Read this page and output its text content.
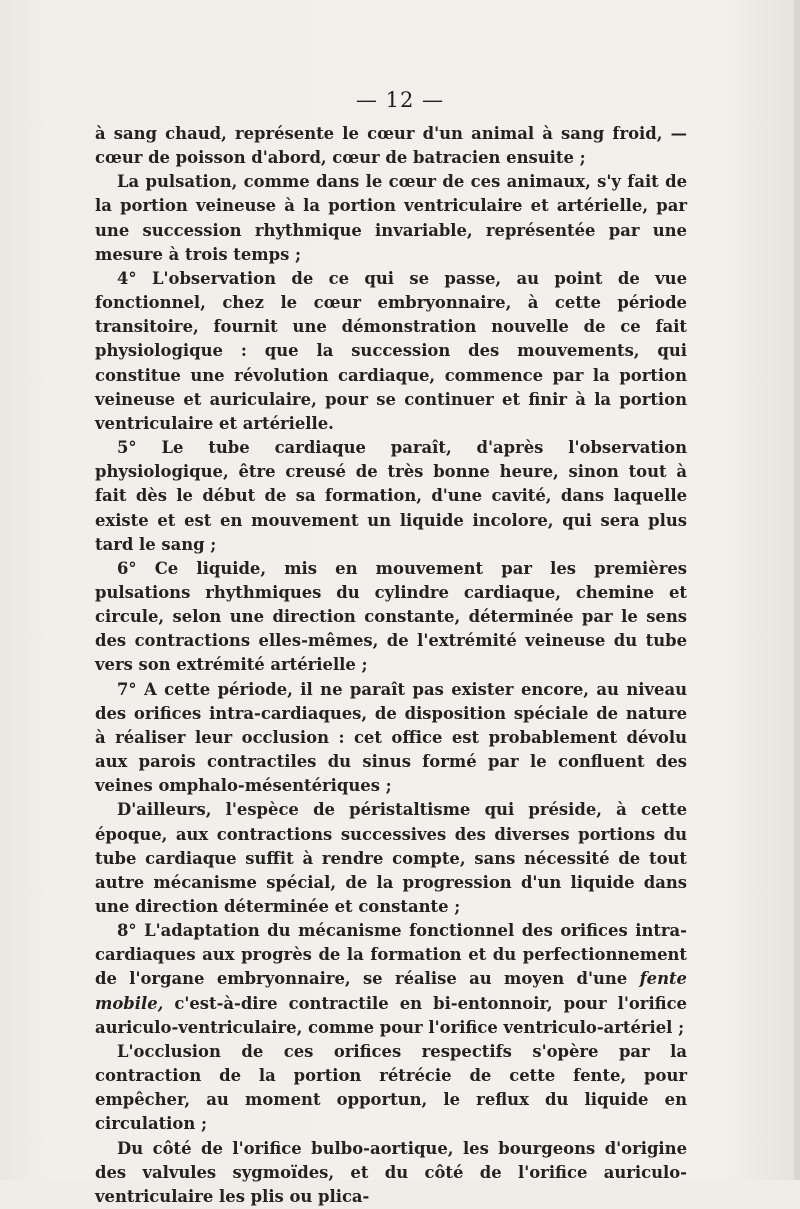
— 12 —

à sang chaud, représente le cœur d'un animal à sang froid, — cœur de poisson d'abord, cœur de batracien ensuite ;

La pulsation, comme dans le cœur de ces animaux, s'y fait de la portion veineuse à la portion ventriculaire et artérielle, par une succession rhythmique invariable, représentée par une mesure à trois temps ;

4° L'observation de ce qui se passe, au point de vue fonctionnel, chez le cœur embryonnaire, à cette période transitoire, fournit une démonstration nouvelle de ce fait physiologique : que la succession des mouvements, qui constitue une révolution cardiaque, commence par la portion veineuse et auriculaire, pour se continuer et finir à la portion ventriculaire et artérielle.

5° Le tube cardiaque paraît, d'après l'observation physiologique, être creusé de très bonne heure, sinon tout à fait dès le début de sa formation, d'une cavité, dans laquelle existe et est en mouvement un liquide incolore, qui sera plus tard le sang ;

6° Ce liquide, mis en mouvement par les premières pulsations rhythmiques du cylindre cardiaque, chemine et circule, selon une direction constante, déterminée par le sens des contractions elles-mêmes, de l'extrémité veineuse du tube vers son extrémité artérielle ;

7° A cette période, il ne paraît pas exister encore, au niveau des orifices intra-cardiaques, de disposition spéciale de nature à réaliser leur occlusion : cet office est probablement dévolu aux parois contractiles du sinus formé par le confluent des veines omphalo-mésentériques ;

D'ailleurs, l'espèce de péristaltisme qui préside, à cette époque, aux contractions successives des diverses portions du tube cardiaque suffit à rendre compte, sans nécessité de tout autre mécanisme spécial, de la progression d'un liquide dans une direction déterminée et constante ;

8° L'adaptation du mécanisme fonctionnel des orifices intra-cardiaques aux progrès de la formation et du perfectionnement de l'organe embryonnaire, se réalise au moyen d'une fente mobile, c'est-à-dire contractile en bi-entonnoir, pour l'orifice auriculo-ventriculaire, comme pour l'orifice ventriculo-artériel ;

L'occlusion de ces orifices respectifs s'opère par la contraction de la portion rétrécie de cette fente, pour empêcher, au moment opportun, le reflux du liquide en circulation ;

Du côté de l'orifice bulbo-aortique, les bourgeons d'origine des valvules sygmoïdes, et du côté de l'orifice auriculo-ventriculaire les plis ou plica-
